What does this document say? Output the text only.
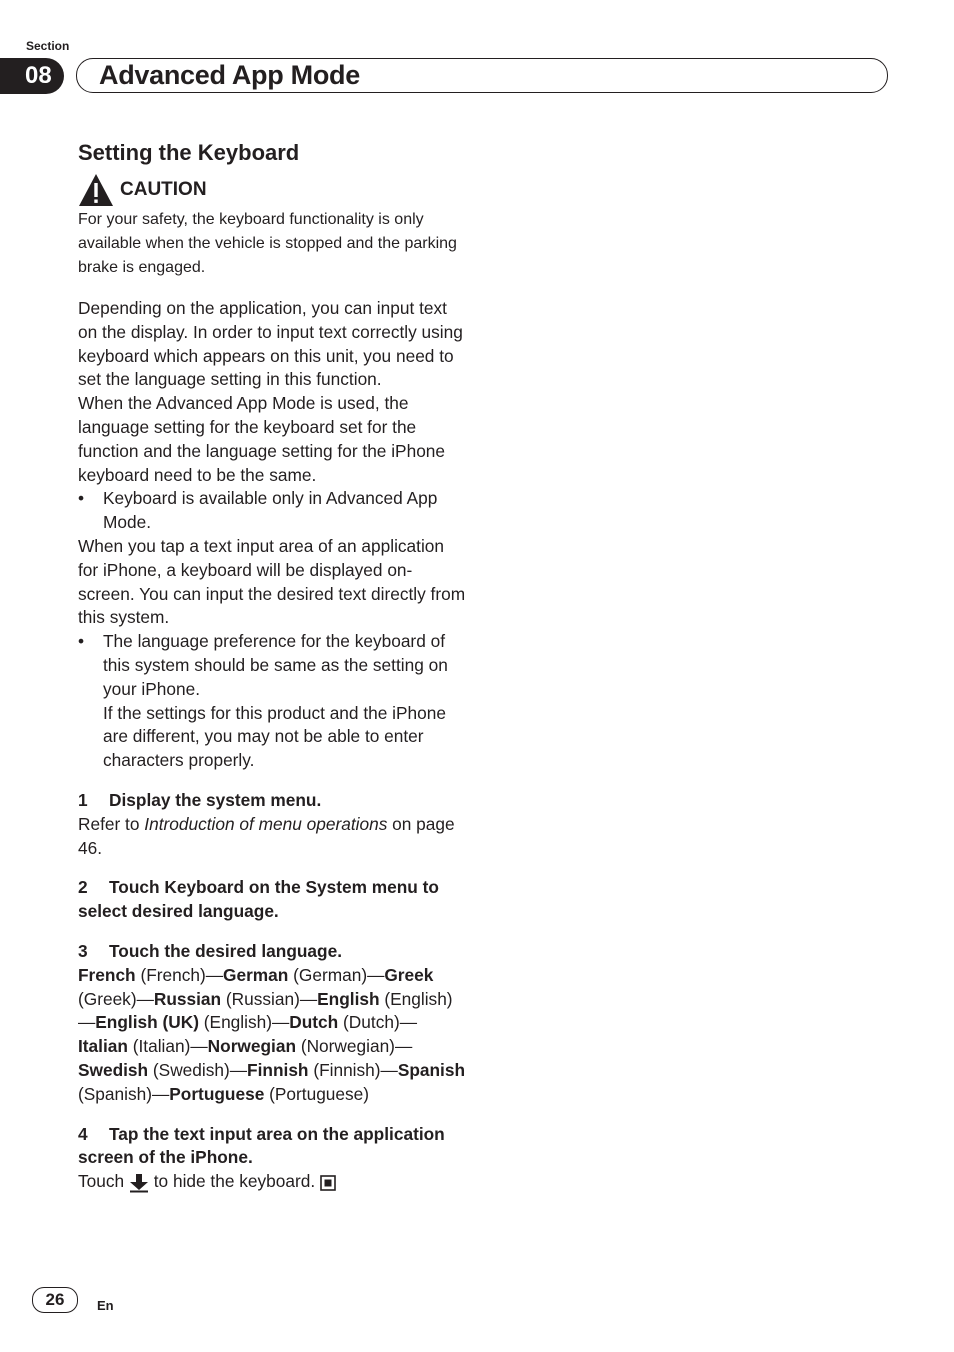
Section
08	Advanced App Mode
Setting the Keyboard
CAUTION

For your safety, the keyboard functionality is only available when the vehicle is stopped and the parking brake is engaged.

Depending on the application, you can input text on the display. In order to input text correctly using keyboard which appears on this unit, you need to set the language setting in this function.

When the Advanced App Mode is used, the language setting for the keyboard set for the function and the language setting for the iPhone keyboard need to be the same.

•	Keyboard is available only in Advanced App Mode.

When you tap a text input area of an application for iPhone, a keyboard will be displayed on-screen. You can input the desired text directly from this system.

•	The language preference for the keyboard of this system should be same as the setting on your iPhone.
If the settings for this product and the iPhone are different, you may not be able to enter characters properly.

1 Display the system menu.

Refer to Introduction of menu operations on page 46.

2 Touch Keyboard on the System menu to select desired language.

3 Touch the desired language.

French (French)—German (German)—Greek (Greek)—Russian (Russian)—English (English)—English (UK) (English)—Dutch (Dutch)—Italian (Italian)—Norwegian (Norwegian)—Swedish (Swedish)—Finnish (Finnish)—Spanish (Spanish)—Portuguese (Portuguese)

4 Tap the text input area on the application screen of the iPhone.

Touch to hide the keyboard.

26	En
